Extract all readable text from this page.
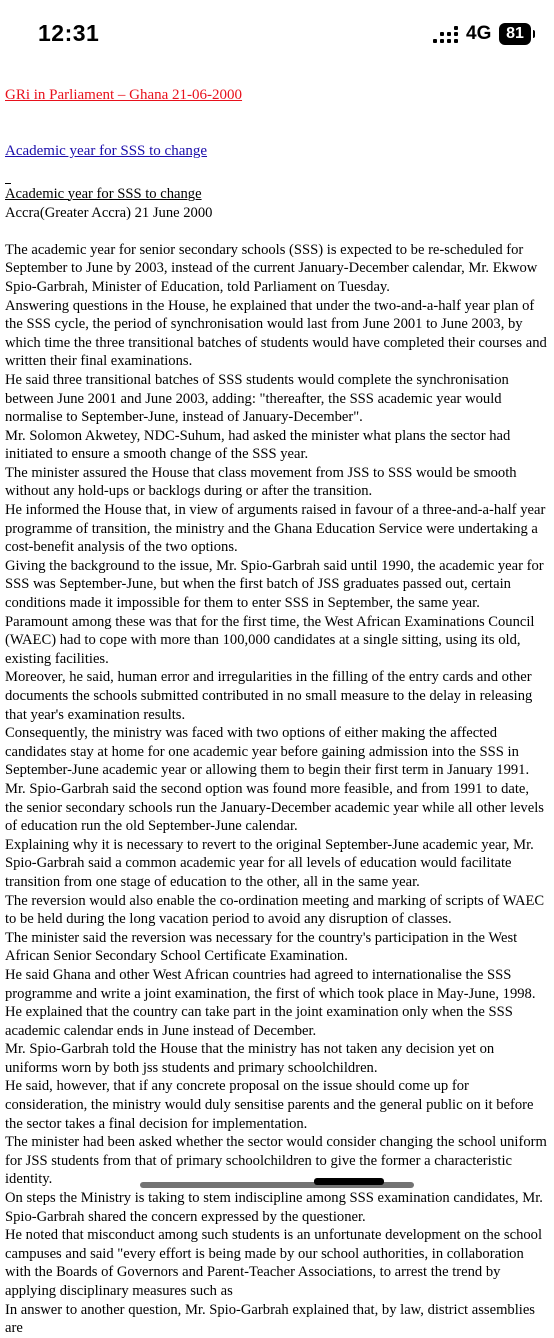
12:31	4G 81
GRi in Parliament – Ghana 21-06-2000
Academic year for SSS to change

Academic year for SSS to change

Accra(Greater Accra) 21 June 2000

The academic year for senior secondary schools (SSS) is expected to be re-scheduled for September to June by 2003, instead of the current January-December calendar, Mr. Ekwow Spio-Garbrah, Minister of Education, told Parliament on Tuesday.

Answering questions in the House, he explained that under the two-and-a-half year plan of the SSS cycle, the period of synchronisation would last from June 2001 to June 2003, by which time the three transitional batches of students would have completed their courses and written their final examinations.

He said three transitional batches of SSS students would complete the synchronisation between June 2001 and June 2003, adding: "thereafter, the SSS academic year would normalise to September-June, instead of January-December".

Mr. Solomon Akwetey, NDC-Suhum, had asked the minister what plans the sector had initiated to ensure a smooth change of the SSS year.

The minister assured the House that class movement from JSS to SSS would be smooth without any hold-ups or backlogs during or after the transition.

He informed the House that, in view of arguments raised in favour of a three-and-a-half year programme of transition, the ministry and the Ghana Education Service were undertaking a cost-benefit analysis of the two options.

Giving the background to the issue, Mr. Spio-Garbrah said until 1990, the academic year for SSS was September-June, but when the first batch of JSS graduates passed out, certain conditions made it impossible for them to enter SSS in September, the same year.

Paramount among these was that for the first time, the West African Examinations Council (WAEC) had to cope with more than 100,000 candidates at a single sitting, using its old, existing facilities.

Moreover, he said, human error and irregularities in the filling of the entry cards and other documents the schools submitted contributed in no small measure to the delay in releasing that year's examination results.

Consequently, the ministry was faced with two options of either making the affected candidates stay at home for one academic year before gaining admission into the SSS in September-June academic year or allowing them to begin their first term in January 1991.

Mr. Spio-Garbrah said the second option was found more feasible, and from 1991 to date, the senior secondary schools run the January-December academic year while all other levels of education run the old September-June calendar.

Explaining why it is necessary to revert to the original September-June academic year, Mr. Spio-Garbrah said a common academic year for all levels of education would facilitate transition from one stage of education to the other, all in the same year.

The reversion would also enable the co-ordination meeting and marking of scripts of WAEC to be held during the long vacation period to avoid any disruption of classes.

The minister said the reversion was necessary for the country's participation in the West African Senior Secondary School Certificate Examination.

He said Ghana and other West African countries had agreed to internationalise the SSS programme and write a joint examination, the first of which took place in May-June, 1998.

He explained that the country can take part in the joint examination only when the SSS academic calendar ends in June instead of December.

Mr. Spio-Garbrah told the House that the ministry has not taken any decision yet on uniforms worn by both jss students and primary schoolchildren.

He said, however, that if any concrete proposal on the issue should come up for consideration, the ministry would duly sensitise parents and the general public on it before the sector takes a final decision for implementation.

The minister had been asked whether the sector would consider changing the school uniform for JSS students from that of primary schoolchildren to give the former a characteristic identity.

On steps the Ministry is taking to stem indiscipline among SSS examination candidates, Mr. Spio-Garbrah shared the concern expressed by the questioner.

He noted that misconduct among such students is an unfortunate development on the school campuses and said "every effort is being made by our school authorities, in collaboration with the Boards of Governors and Parent-Teacher Associations, to arrest the trend by applying disciplinary measures such as

In answer to another question, Mr. Spio-Garbrah explained that, by law, district assemblies are
